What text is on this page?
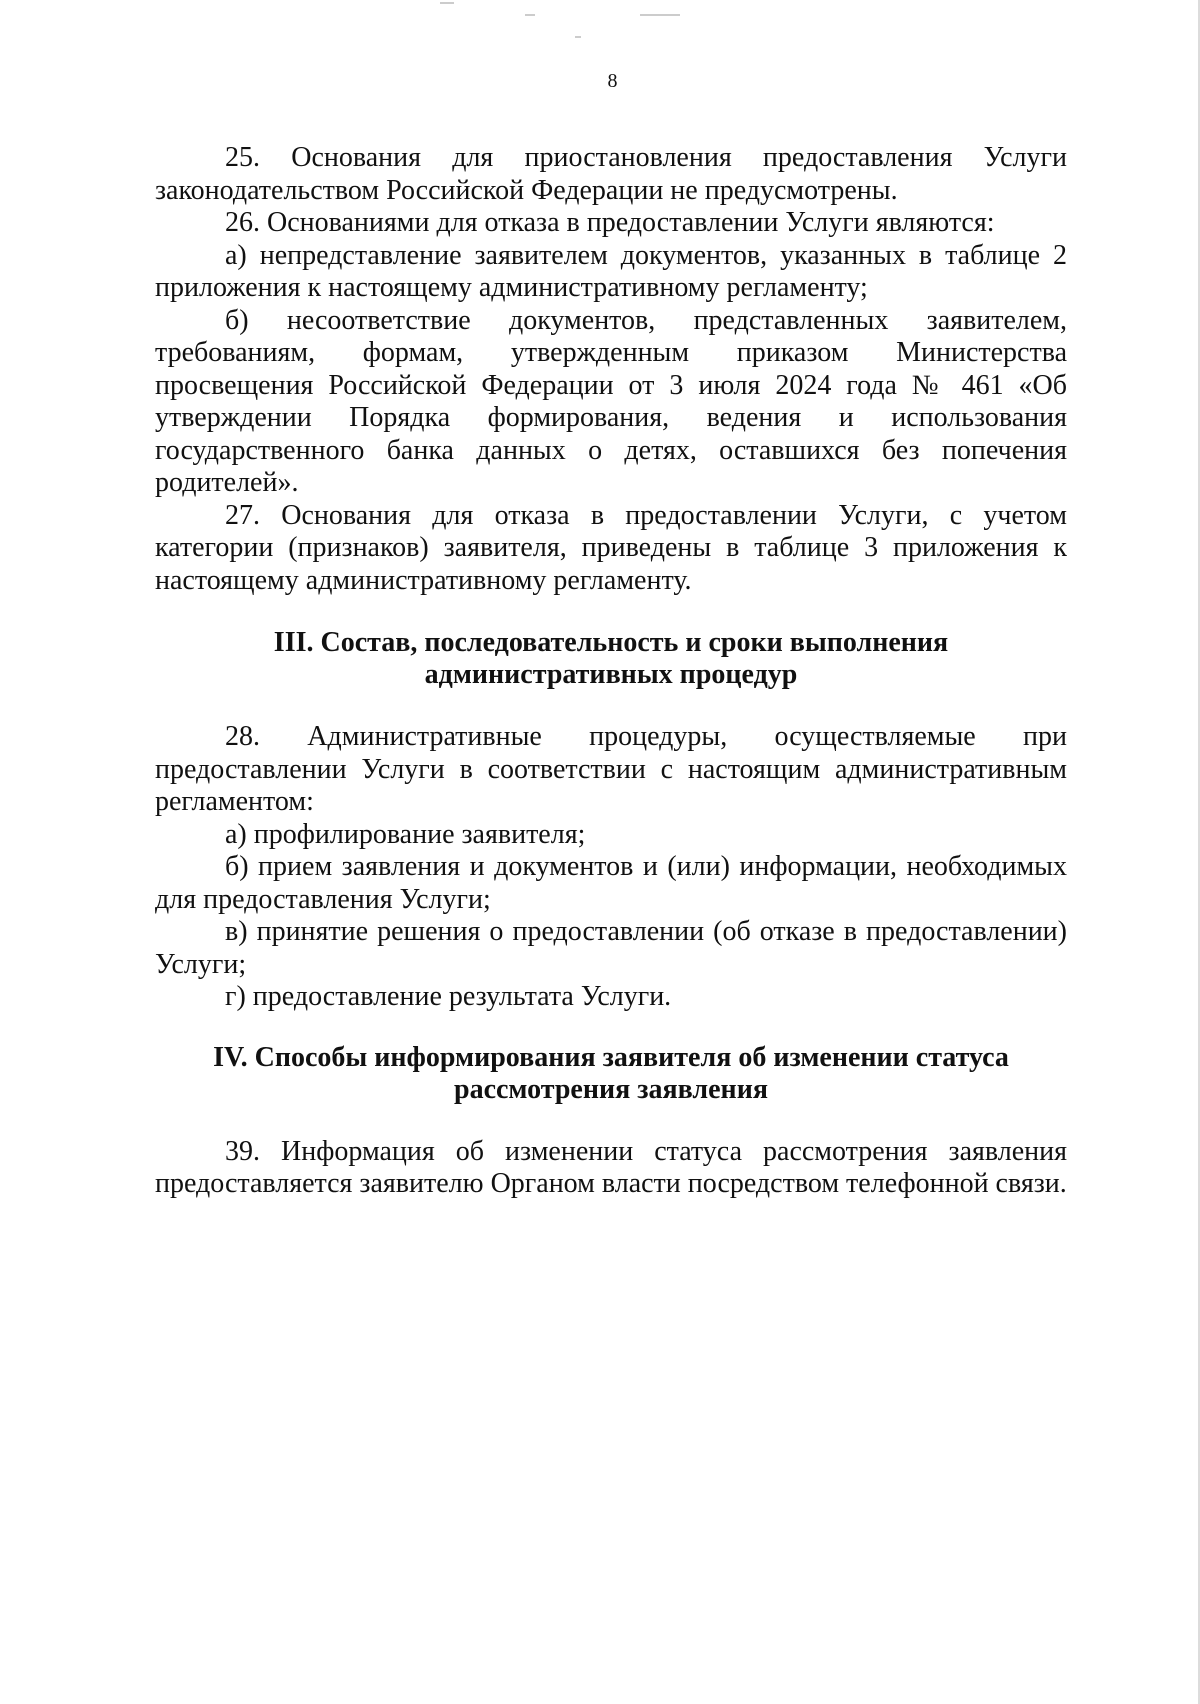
8

25. Основания для приостановления предоставления Услуги законодательством Российской Федерации не предусмотрены.

26. Основаниями для отказа в предоставлении Услуги являются:

а) непредставление заявителем документов, указанных в таблице 2 приложения к настоящему административному регламенту;

б) несоответствие документов, представленных заявителем, требованиям, формам, утвержденным приказом Министерства просвещения Российской Федерации от 3 июля 2024 года № 461 «Об утверждении Порядка формирования, ведения и использования государственного банка данных о детях, оставшихся без попечения родителей».

27. Основания для отказа в предоставлении Услуги, с учетом категории (признаков) заявителя, приведены в таблице 3 приложения к настоящему административному регламенту.

III. Состав, последовательность и сроки выполнения

административных процедур

28. Административные процедуры, осуществляемые при предоставлении Услуги в соответствии с настоящим административным регламентом:

а) профилирование заявителя;

б) прием заявления и документов и (или) информации, необходимых для предоставления Услуги;

в) принятие решения о предоставлении (об отказе в предоставлении) Услуги;

г) предоставление результата Услуги.

IV. Способы информирования заявителя об изменении статуса

рассмотрения заявления

39. Информация об изменении статуса рассмотрения заявления предоставляется заявителю Органом власти посредством телефонной связи.
